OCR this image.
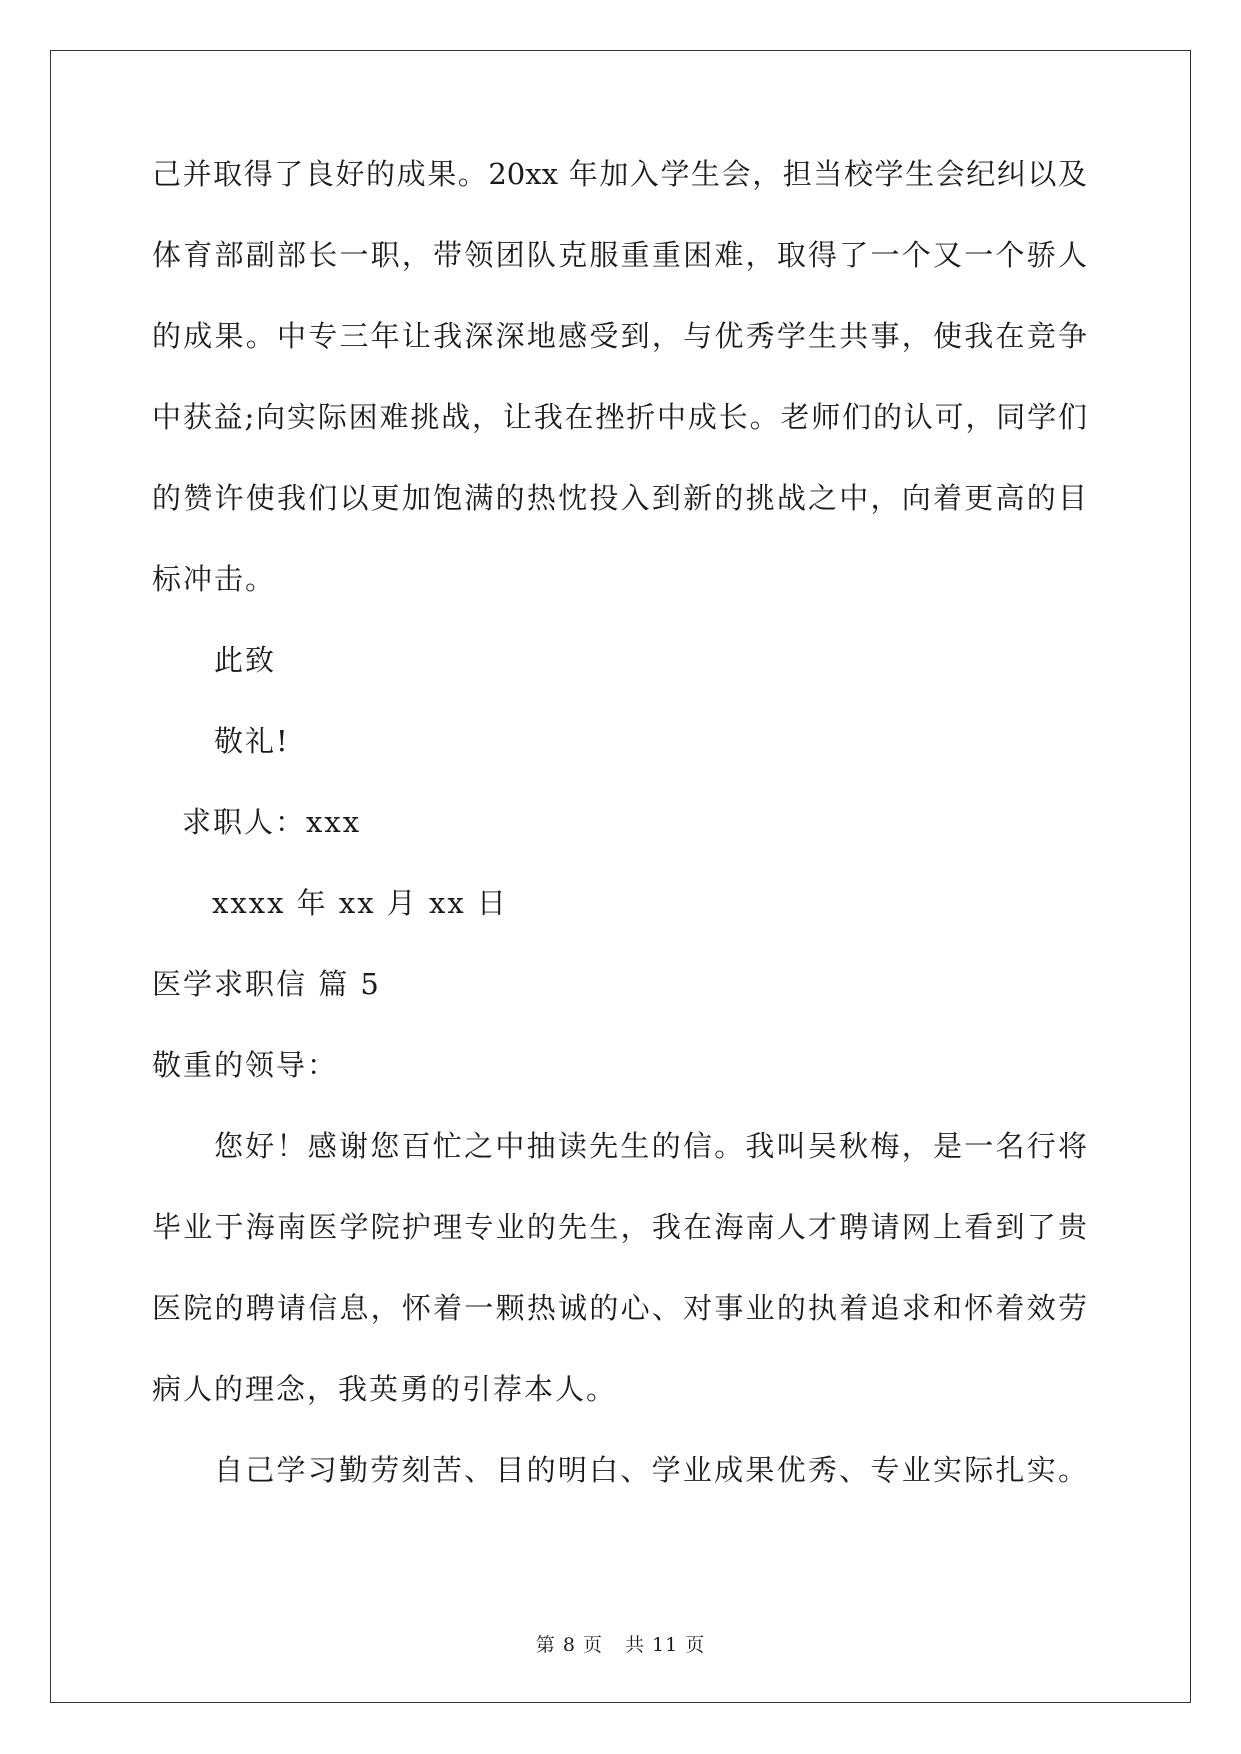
己并取得了良好的成果。20xx 年加入学生会，担当校学生会纪纠以及
体育部副部长一职，带领团队克服重重困难，取得了一个又一个骄人
的成果。中专三年让我深深地感受到，与优秀学生共事，使我在竞争
中获益;向实际困难挑战，让我在挫折中成长。老师们的认可，同学们
的赞许使我们以更加饱满的热忱投入到新的挑战之中，向着更高的目
标冲击。
此致
敬礼!
求职人：xxx
xxxx 年 xx 月 xx 日
医学求职信 篇 5
敬重的领导：
您好！感谢您百忙之中抽读先生的信。我叫吴秋梅，是一名行将
毕业于海南医学院护理专业的先生，我在海南人才聘请网上看到了贵
医院的聘请信息，怀着一颗热诚的心、对事业的执着追求和怀着效劳
病人的理念，我英勇的引荐本人。
自己学习勤劳刻苦、目的明白、学业成果优秀、专业实际扎实。
第 8 页 共 11 页
